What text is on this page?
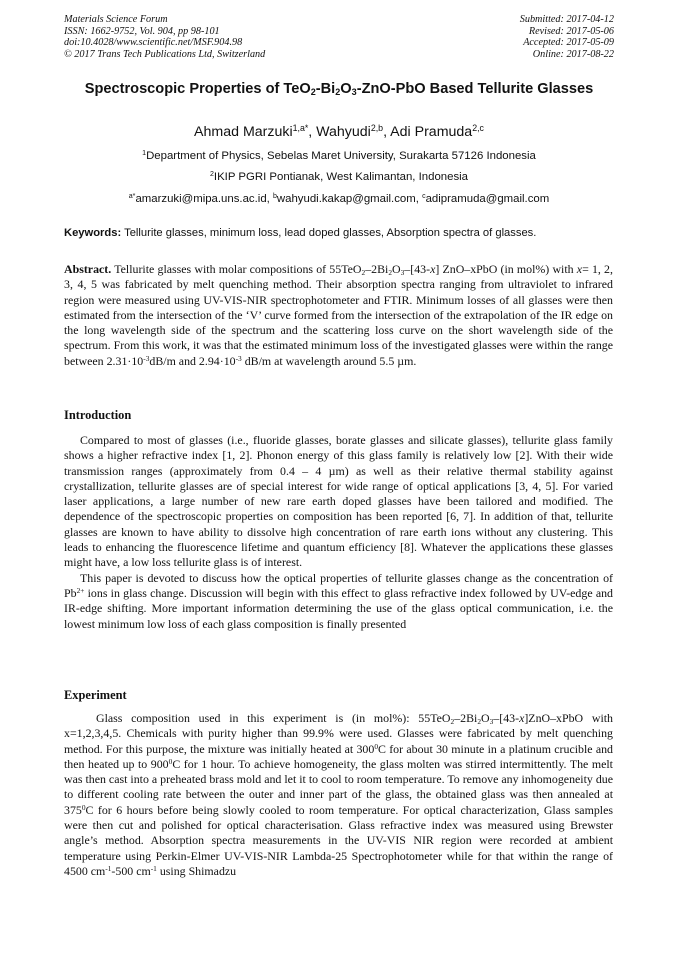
Materials Science Forum
ISSN: 1662-9752, Vol. 904, pp 98-101
doi:10.4028/www.scientific.net/MSF.904.98
© 2017 Trans Tech Publications Ltd, Switzerland
Submitted: 2017-04-12
Revised: 2017-05-06
Accepted: 2017-05-09
Online: 2017-08-22
Spectroscopic Properties of $TeO_2-Bi_2O_3-ZnO$-PbO Based Tellurite Glasses
Ahmad Marzuki$^{1,a*}$, Wahyudi$^{2,b}$, Adi Pramuda$^{2,c}$
$^1$Department of Physics, Sebelas Maret University, Surakarta 57126 Indonesia
$^2$IKIP PGRI Pontianak, West Kalimantan, Indonesia
$^{a*}$amarzuki@mipa.uns.ac.id, $^b$wahyudi.kakap@gmail.com, $^c$adipramuda@gmail.com
Keywords: Tellurite glasses, minimum loss, lead doped glasses, Absorption spectra of glasses.

Abstract. Tellurite glasses with molar compositions of $55TeO_2-2Bi_2O_3-[43-x]$ ZnO–xPbO (in mol%) with x= 1, 2, 3, 4, 5 was fabricated by melt quenching method. Their absorption spectra ranging from ultraviolet to infrared region were measured using UV-VIS-NIR spectrophotometer and FTIR. Minimum losses of all glasses were then estimated from the intersection of the ‘V’ curve formed from the intersection of the extrapolation of the IR edge on the long wavelength side of the spectrum and the scattering loss curve on the short wavelength side of the spectrum. From this work, it was that the estimated minimum loss of the investigated glasses were within the range between $2.31\cdot 10^{-3}dB/m$ and $2.94\cdot 10^{-3}$ dB/m at wavelength around 5.5 µm.

Introduction

Compared to most of glasses (i.e., fluoride glasses, borate glasses and silicate glasses), tellurite glass family shows a higher refractive index [1, 2]. Phonon energy of this glass family is relatively low [2]. With their wide transmission ranges (approximately from 0.4 – 4 µm) as well as their relative thermal stability against crystallization, tellurite glasses are of special interest for wide range of optical applications [3, 4, 5]. For varied laser applications, a large number of new rare earth doped glasses have been tailored and modified. The dependence of the spectroscopic properties on composition has been reported [6, 7]. In addition of that, tellurite glasses are known to have ability to dissolve high concentration of rare earth ions without any clustering. This leads to enhancing the fluorescence lifetime and quantum efficiency [8]. Whatever the applications these glasses might have, a low loss tellurite glass is of interest.

This paper is devoted to discuss how the optical properties of tellurite glasses change as the concentration of $Pb^{2+}$ ions in glass change. Discussion will begin with this effect to glass refractive index followed by UV-edge and IR-edge shifting. More important information determining the use of the glass optical communication, i.e. the lowest minimum low loss of each glass composition is finally presented

Experiment

Glass composition used in this experiment is (in mol%): $55TeO_2-2Bi_2O_3-[43-x]ZnO$–xPbO with x=1,2,3,4,5. Chemicals with purity higher than 99.9% were used. Glasses were fabricated by melt quenching method. For this purpose, the mixture was initially heated at $300^0C$ for about 30 minute in a platinum crucible and then heated up to $900^0C$ for 1 hour. To achieve homogeneity, the glass molten was stirred intermittently. The melt was then cast into a preheated brass mold and let it to cool to room temperature. To remove any inhomogeneity due to different cooling rate between the outer and inner part of the glass, the obtained glass was then annealed at $375^0C$ for 6 hours before being slowly cooled to room temperature. For optical characterization, Glass samples were then cut and polished for optical characterisation. Glass refractive index was measured using Brewster angle’s method. Absorption spectra measurements in the UV-VIS NIR region were recorded at ambient temperature using Perkin-Elmer UV-VIS-NIR Lambda-25 Spectrophotometer while for that within the range of 4500 $cm^{-1}-500$ $cm^{-1}$ using Shimadzu
